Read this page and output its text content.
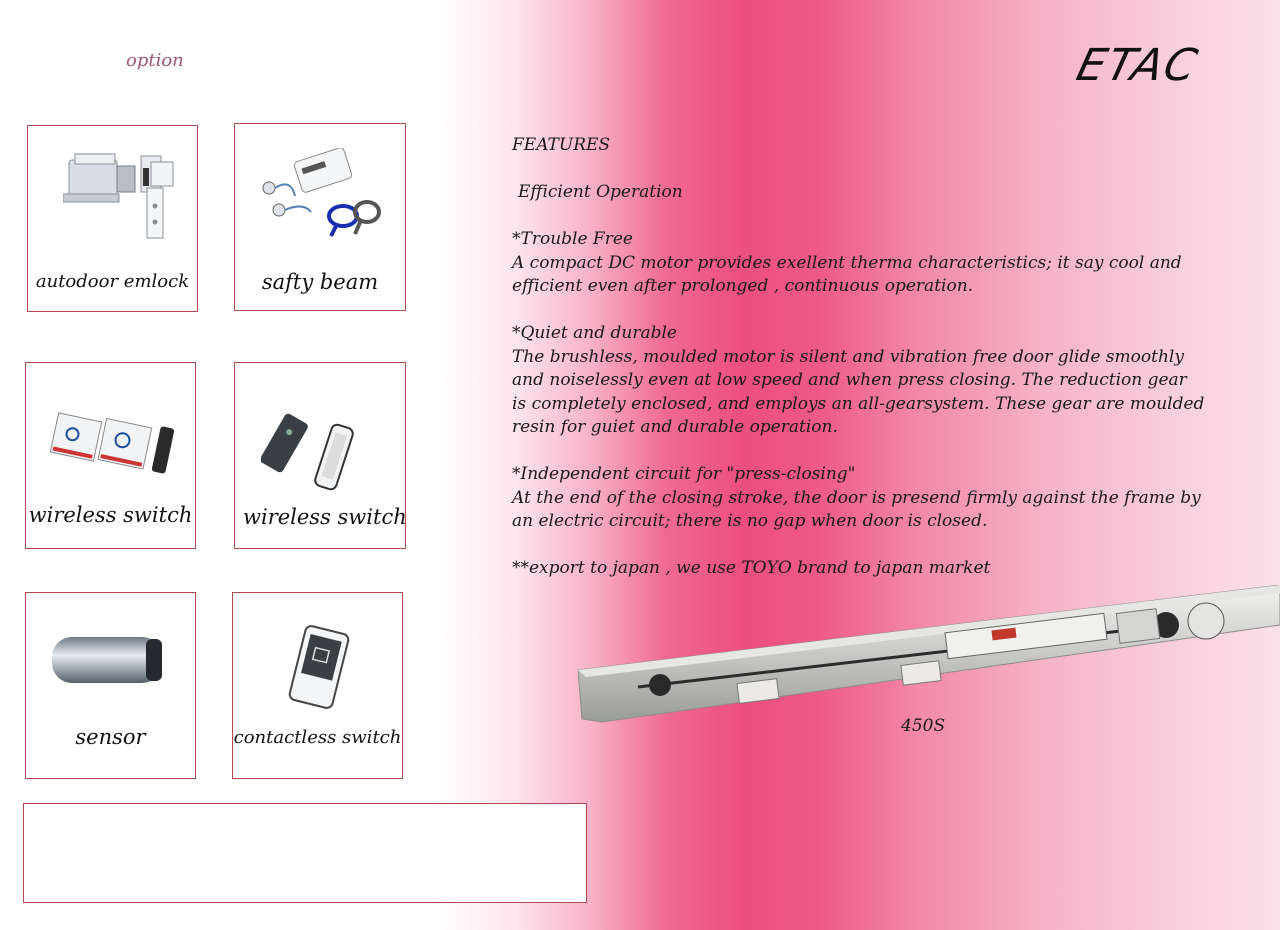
option	ETAC
autodoor emlock	safty beam
wireless switch	wireless switch
sensor	contactless switch

FEATURES

Efficient Operation

*Trouble Free

A compact DC motor provides exellent therma characteristics; it say cool and

efficient even after prolonged , continuous operation.

*Quiet and durable

The brushless, moulded motor is silent and vibration free door glide smoothly

and noiselessly even at low speed and when press closing. The reduction gear

is completely enclosed, and employs an all-gearsystem. These gear are moulded

resin for guiet and durable operation.

*Independent circuit for "press-closing"

At the end of the closing stroke, the door is presend firmly against the frame by

an electric circuit; there is no gap when door is closed.

**export to japan , we use TOYO brand to japan market

450S
